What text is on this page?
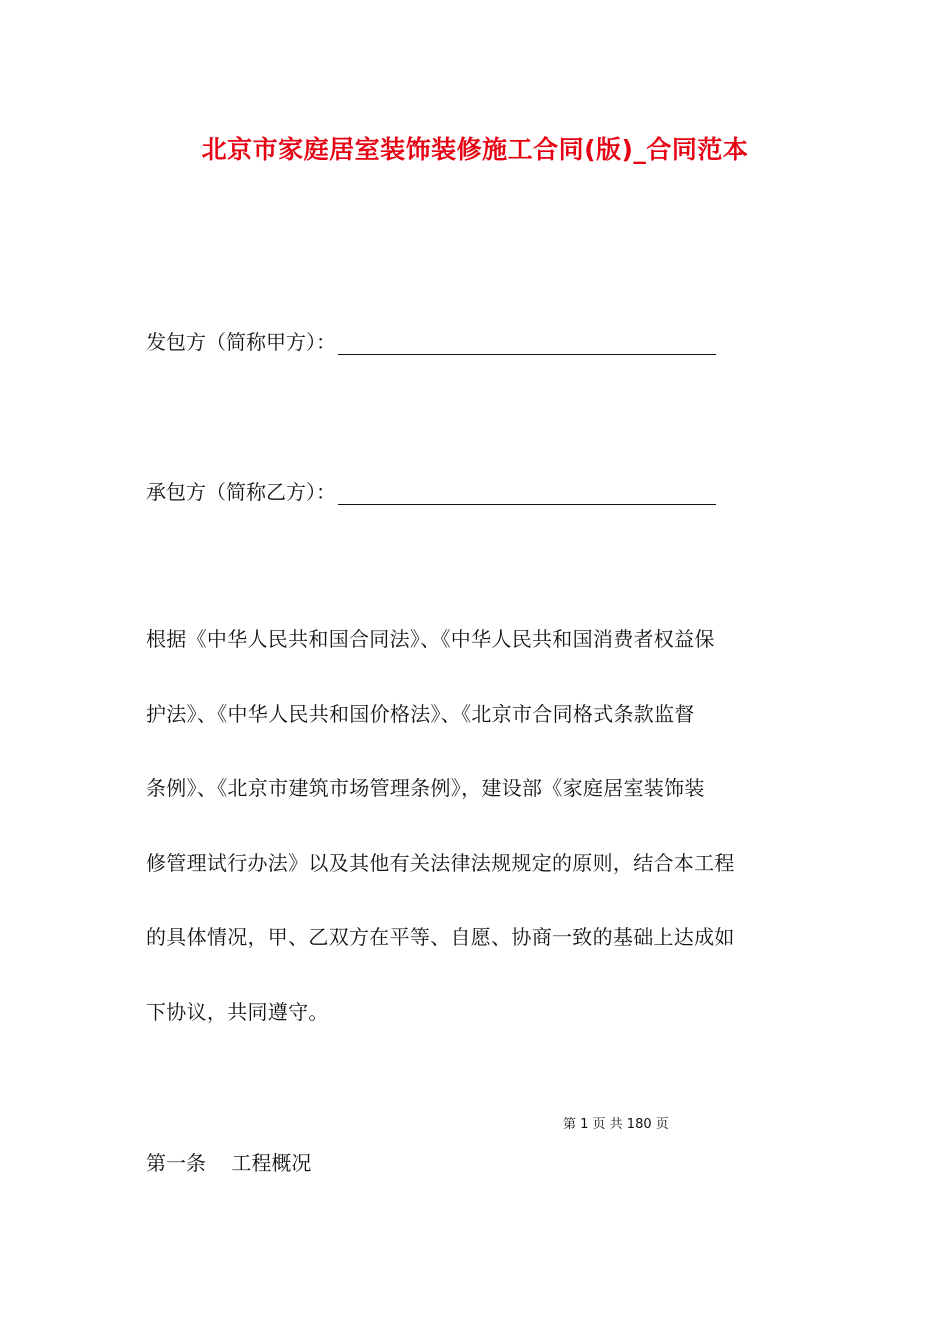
北京市家庭居室装饰装修施工合同(版)_合同范本
发包方（简称甲方）：
承包方（简称乙方）：
根据《中华人民共和国合同法》、《中华人民共和国消费者权益保
护法》、《中华人民共和国价格法》、《北京市合同格式条款监督
条例》、《北京市建筑市场管理条例》，建设部《家庭居室装饰装
修管理试行办法》以及其他有关法律法规规定的原则，结合本工程
的具体情况，甲、乙双方在平等、自愿、协商一致的基础上达成如
下协议，共同遵守。
第 1 页 共 180 页
第一条    工程概况
